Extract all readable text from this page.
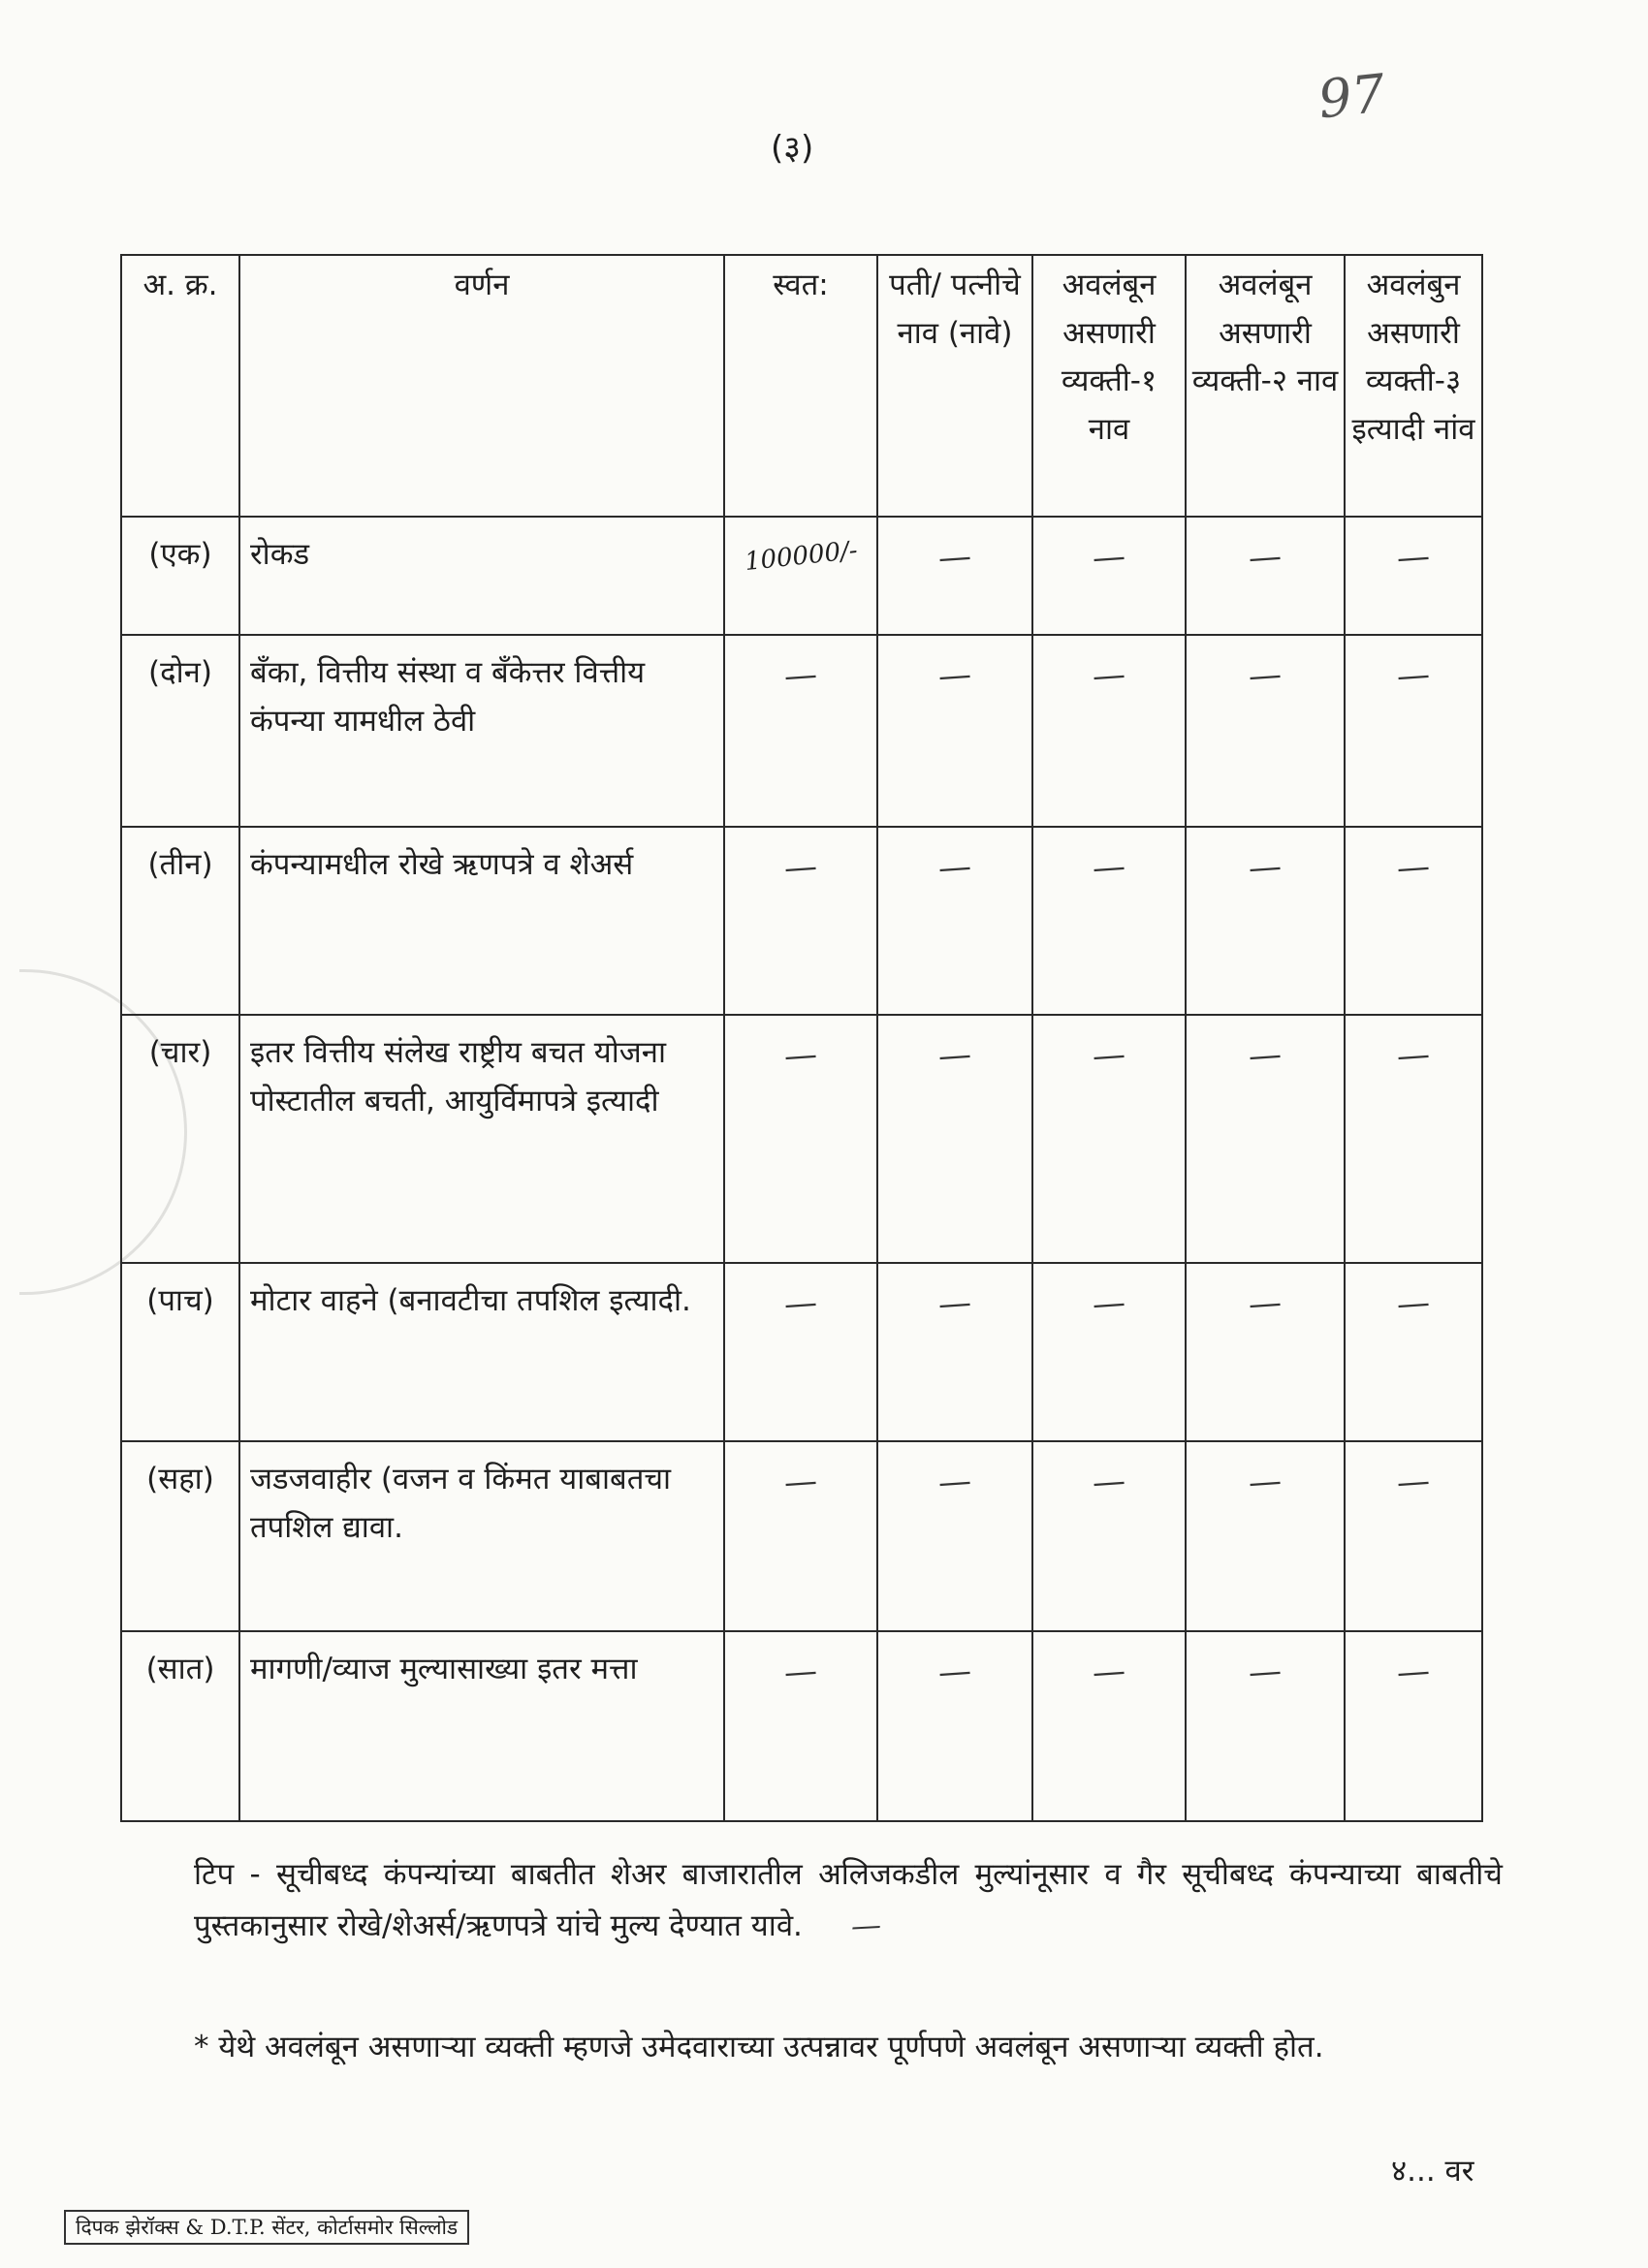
(३)
97
अ. क्र.	वर्णन	स्वत:	पती/ पत्नीचे नाव (नावे)	अवलंबून असणारी व्यक्ती-१ नाव	अवलंबून असणारी व्यक्ती-२ नाव	अवलंबुन असणारी व्यक्ती-३ इत्यादी नांव
(एक)	रोकड	100000/-	—	—	—	—
(दोन)	बँका, वित्तीय संस्था व बँकेत्तर वित्तीय कंपन्या यामधील ठेवी	—	—	—	—	—
(तीन)	कंपन्यामधील रोखे ऋणपत्रे व शेअर्स	—	—	—	—	—
(चार)	इतर वित्तीय संलेख राष्ट्रीय बचत योजना पोस्टातील बचती, आयुर्विमापत्रे इत्यादी	—	—	—	—	—
(पाच)	मोटार वाहने (बनावटीचा तपशिल इत्यादी.	—	—	—	—	—
(सहा)	जडजवाहीर (वजन व किंमत याबाबतचा तपशिल द्यावा.	—	—	—	—	—
(सात)	मागणी/व्याज मुल्यासाख्या इतर मत्ता	—	—	—	—	—
टिप - सूचीबध्द कंपन्यांच्या बाबतीत शेअर बाजारातील अलिजकडील मुल्यांनूसार व गैर सूचीबध्द कंपन्याच्या बाबतीचे पुस्तकानुसार रोखे/शेअर्स/ऋणपत्रे यांचे मुल्य देण्यात यावे. —
* येथे अवलंबून असणाऱ्या व्यक्ती म्हणजे उमेदवाराच्या उत्पन्नावर पूर्णपणे अवलंबून असणाऱ्या व्यक्ती होत.
४... वर
दिपक झेरॉक्स & D.T.P. सेंटर, कोर्टासमोर सिल्लोड
